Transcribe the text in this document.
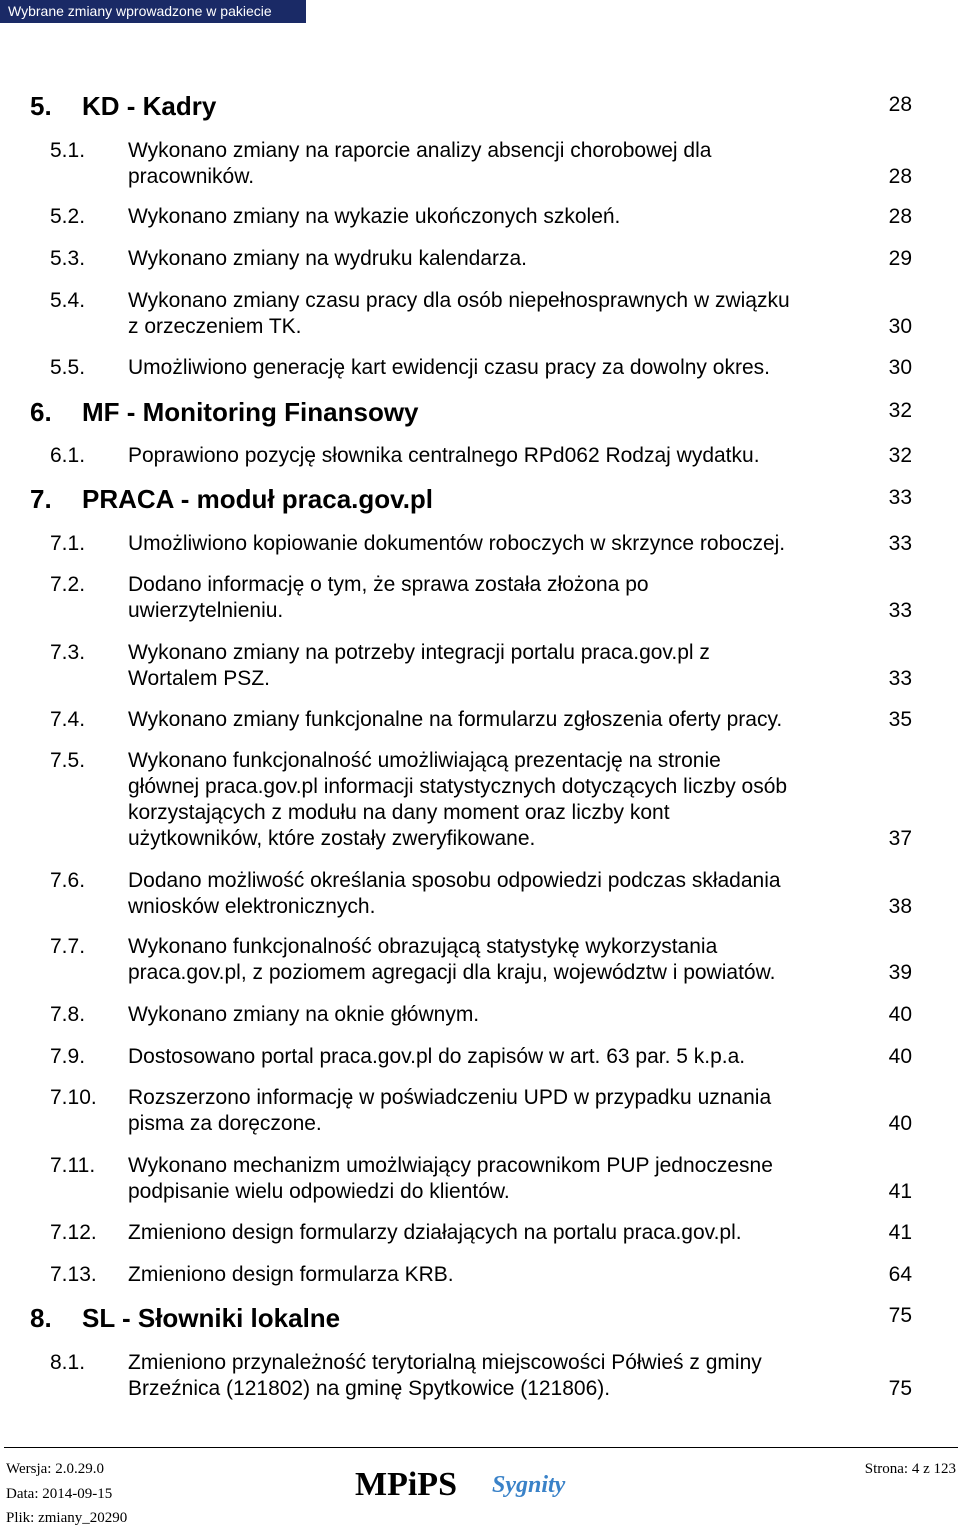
Wybrane zmiany wprowadzone w pakiecie
5. KD - Kadry	28
5.1. Wykonano zmiany na raporcie analizy absencji chorobowej dla
pracowników.	28
5.2. Wykonano zmiany na wykazie ukończonych szkoleń.	28
5.3. Wykonano zmiany na wydruku kalendarza.	29
5.4. Wykonano zmiany czasu pracy dla osób niepełnosprawnych w związku
z orzeczeniem TK.	30
5.5. Umożliwiono generację kart ewidencji czasu pracy za dowolny okres.	30
6. MF - Monitoring Finansowy	32
6.1. Poprawiono pozycję słownika centralnego RPd062 Rodzaj wydatku.	32
7. PRACA - moduł praca.gov.pl	33
7.1. Umożliwiono kopiowanie dokumentów roboczych w skrzynce roboczej.	33
7.2. Dodano informację o tym, że sprawa została złożona po
uwierzytelnieniu.	33
7.3. Wykonano zmiany na potrzeby integracji portalu praca.gov.pl z
Wortalem PSZ.	33
7.4. Wykonano zmiany funkcjonalne na formularzu zgłoszenia oferty pracy.	35
7.5. Wykonano funkcjonalność umożliwiającą prezentację na stronie
głównej praca.gov.pl informacji statystycznych dotyczących liczby osób
korzystających z modułu na dany moment oraz liczby kont
użytkowników, które zostały zweryfikowane.	37
7.6. Dodano możliwość określania sposobu odpowiedzi podczas składania
wniosków elektronicznych.	38
7.7. Wykonano funkcjonalność obrazującą statystykę wykorzystania
praca.gov.pl, z poziomem agregacji dla kraju, województw i powiatów.	39
7.8. Wykonano zmiany na oknie głównym.	40
7.9. Dostosowano portal praca.gov.pl do zapisów w art. 63 par. 5 k.p.a.	40
7.10. Rozszerzono informację w poświadczeniu UPD w przypadku uznania
pisma za doręczone.	40
7.11. Wykonano mechanizm umożlwiający pracownikom PUP jednoczesne
podpisanie wielu odpowiedzi do klientów.	41
7.12. Zmieniono design formularzy działających na portalu praca.gov.pl.	41
7.13. Zmieniono design formularza KRB.	64
8. SL - Słowniki lokalne	75
8.1. Zmieniono przynależność terytorialną miejscowości Półwieś z gminy
Brzeźnica (121802) na gminę Spytkowice (121806).	75
Wersja: 2.0.29.0
Data: 2014-09-15
Plik: zmiany_20290
MPiPS Sygnity
Strona: 4 z 123
